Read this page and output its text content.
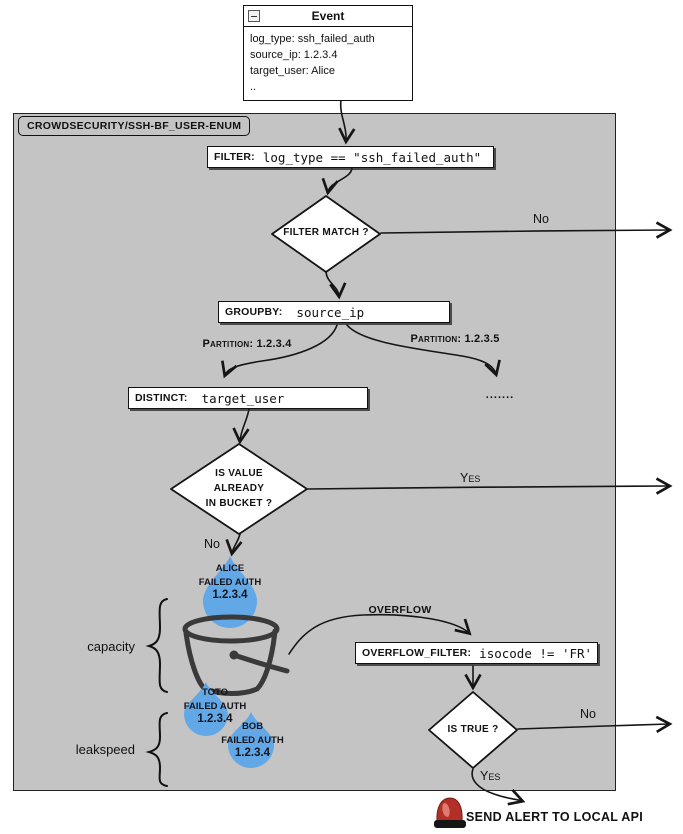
CROWDSECURITY/SSH-BF_USER-ENUM
Event
log_type: ssh_failed_auth
source_ip: 1.2.3.4
target_user: Alice
..
FILTER: log_type == "ssh_failed_auth"
FILTER MATCH ?
No
GROUPBY: source_ip
Partition: 1.2.3.4	Partition: 1.2.3.5
.......
DISTINCT: target_user
IS VALUE
ALREADY
IN BUCKET ?
Yes
No
ALICE
FAILED AUTH
1.2.3.4
capacity
leakspeed
OVERFLOW
OVERFLOW_FILTER: isocode != 'FR'
IS TRUE ?
No
Yes
TOTO
FAILED AUTH
1.2.3.4
BOB
FAILED AUTH
1.2.3.4
SEND ALERT TO LOCAL API
